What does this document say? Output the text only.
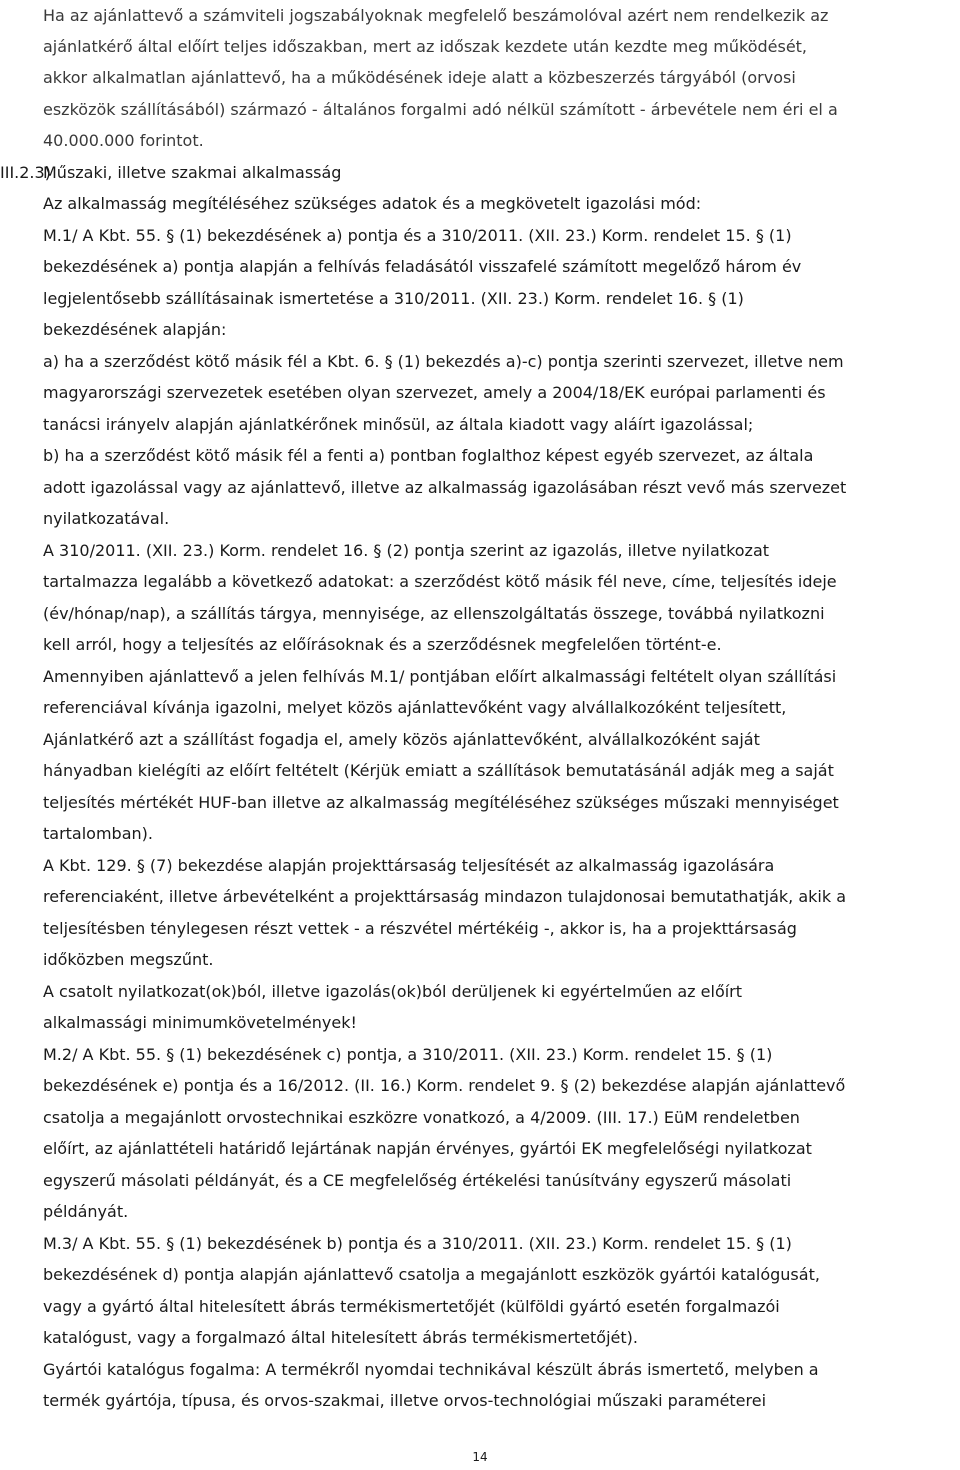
Ha az ajánlattevő a számviteli jogszabályoknak megfelelő beszámolóval azért nem rendelkezik az
ajánlatkérő által előírt teljes időszakban, mert az időszak kezdete után kezdte meg működését,
akkor alkalmatlan ajánlattevő, ha a működésének ideje alatt a közbeszerzés tárgyából (orvosi
eszközök szállításából) származó - általános forgalmi adó nélkül számított - árbevétele nem éri el a
40.000.000 forintot.
III.2.3)
Műszaki, illetve szakmai alkalmasság
Az alkalmasság megítéléséhez szükséges adatok és a megkövetelt igazolási mód:
M.1/ A Kbt. 55. § (1) bekezdésének a) pontja és a 310/2011. (XII. 23.) Korm. rendelet 15. § (1)
bekezdésének a) pontja alapján a felhívás feladásától visszafelé számított megelőző három év
legjelentősebb szállításainak ismertetése a 310/2011. (XII. 23.) Korm. rendelet 16. § (1)
bekezdésének alapján:
a) ha a szerződést kötő másik fél a Kbt. 6. § (1) bekezdés a)-c) pontja szerinti szervezet, illetve nem
magyarországi szervezetek esetében olyan szervezet, amely a 2004/18/EK európai parlamenti és
tanácsi irányelv alapján ajánlatkérőnek minősül, az általa kiadott vagy aláírt igazolással;
b) ha a szerződést kötő másik fél a fenti a) pontban foglalthoz képest egyéb szervezet, az általa
adott igazolással vagy az ajánlattevő, illetve az alkalmasság igazolásában részt vevő más szervezet
nyilatkozatával.
A 310/2011. (XII. 23.) Korm. rendelet 16. § (2) pontja szerint az igazolás, illetve nyilatkozat
tartalmazza legalább a következő adatokat: a szerződést kötő másik fél neve, címe, teljesítés ideje
(év/hónap/nap), a szállítás tárgya, mennyisége, az ellenszolgáltatás összege, továbbá nyilatkozni
kell arról, hogy a teljesítés az előírásoknak és a szerződésnek megfelelően történt-e.
Amennyiben ajánlattevő a jelen felhívás M.1/ pontjában előírt alkalmassági feltételt olyan szállítási
referenciával kívánja igazolni, melyet közös ajánlattevőként vagy alvállalkozóként teljesített,
Ajánlatkérő azt a szállítást fogadja el, amely közös ajánlattevőként, alvállalkozóként saját
hányadban kielégíti az előírt feltételt (Kérjük emiatt a szállítások bemutatásánál adják meg a saját
teljesítés mértékét HUF-ban illetve az alkalmasság megítéléséhez szükséges műszaki mennyiséget
tartalomban).
A Kbt. 129. § (7) bekezdése alapján projekttársaság teljesítését az alkalmasság igazolására
referenciaként, illetve árbevételként a projekttársaság mindazon tulajdonosai bemutathatják, akik a
teljesítésben ténylegesen részt vettek - a részvétel mértékéig -, akkor is, ha a projekttársaság
időközben megszűnt.
A csatolt nyilatkozat(ok)ból, illetve igazolás(ok)ból derüljenek ki egyértelműen az előírt
alkalmassági minimumkövetelmények!
M.2/ A Kbt. 55. § (1) bekezdésének c) pontja, a 310/2011. (XII. 23.) Korm. rendelet 15. § (1)
bekezdésének e) pontja és a 16/2012. (II. 16.) Korm. rendelet 9. § (2) bekezdése alapján ajánlattevő
csatolja a megajánlott orvostechnikai eszközre vonatkozó, a 4/2009. (III. 17.) EüM rendeletben
előírt, az ajánlattételi határidő lejártának napján érvényes, gyártói EK megfelelőségi nyilatkozat
egyszerű másolati példányát, és a CE megfelelőség értékelési tanúsítvány egyszerű másolati
példányát.
M.3/ A Kbt. 55. § (1) bekezdésének b) pontja és a 310/2011. (XII. 23.) Korm. rendelet 15. § (1)
bekezdésének d) pontja alapján ajánlattevő csatolja a megajánlott eszközök gyártói katalógusát,
vagy a gyártó által hitelesített ábrás termékismertetőjét (külföldi gyártó esetén forgalmazói
katalógust, vagy a forgalmazó által hitelesített ábrás termékismertetőjét).
Gyártói katalógus fogalma: A termékről nyomdai technikával készült ábrás ismertető, melyben a
termék gyártója, típusa, és orvos-szakmai, illetve orvos-technológiai műszaki paraméterei
14
